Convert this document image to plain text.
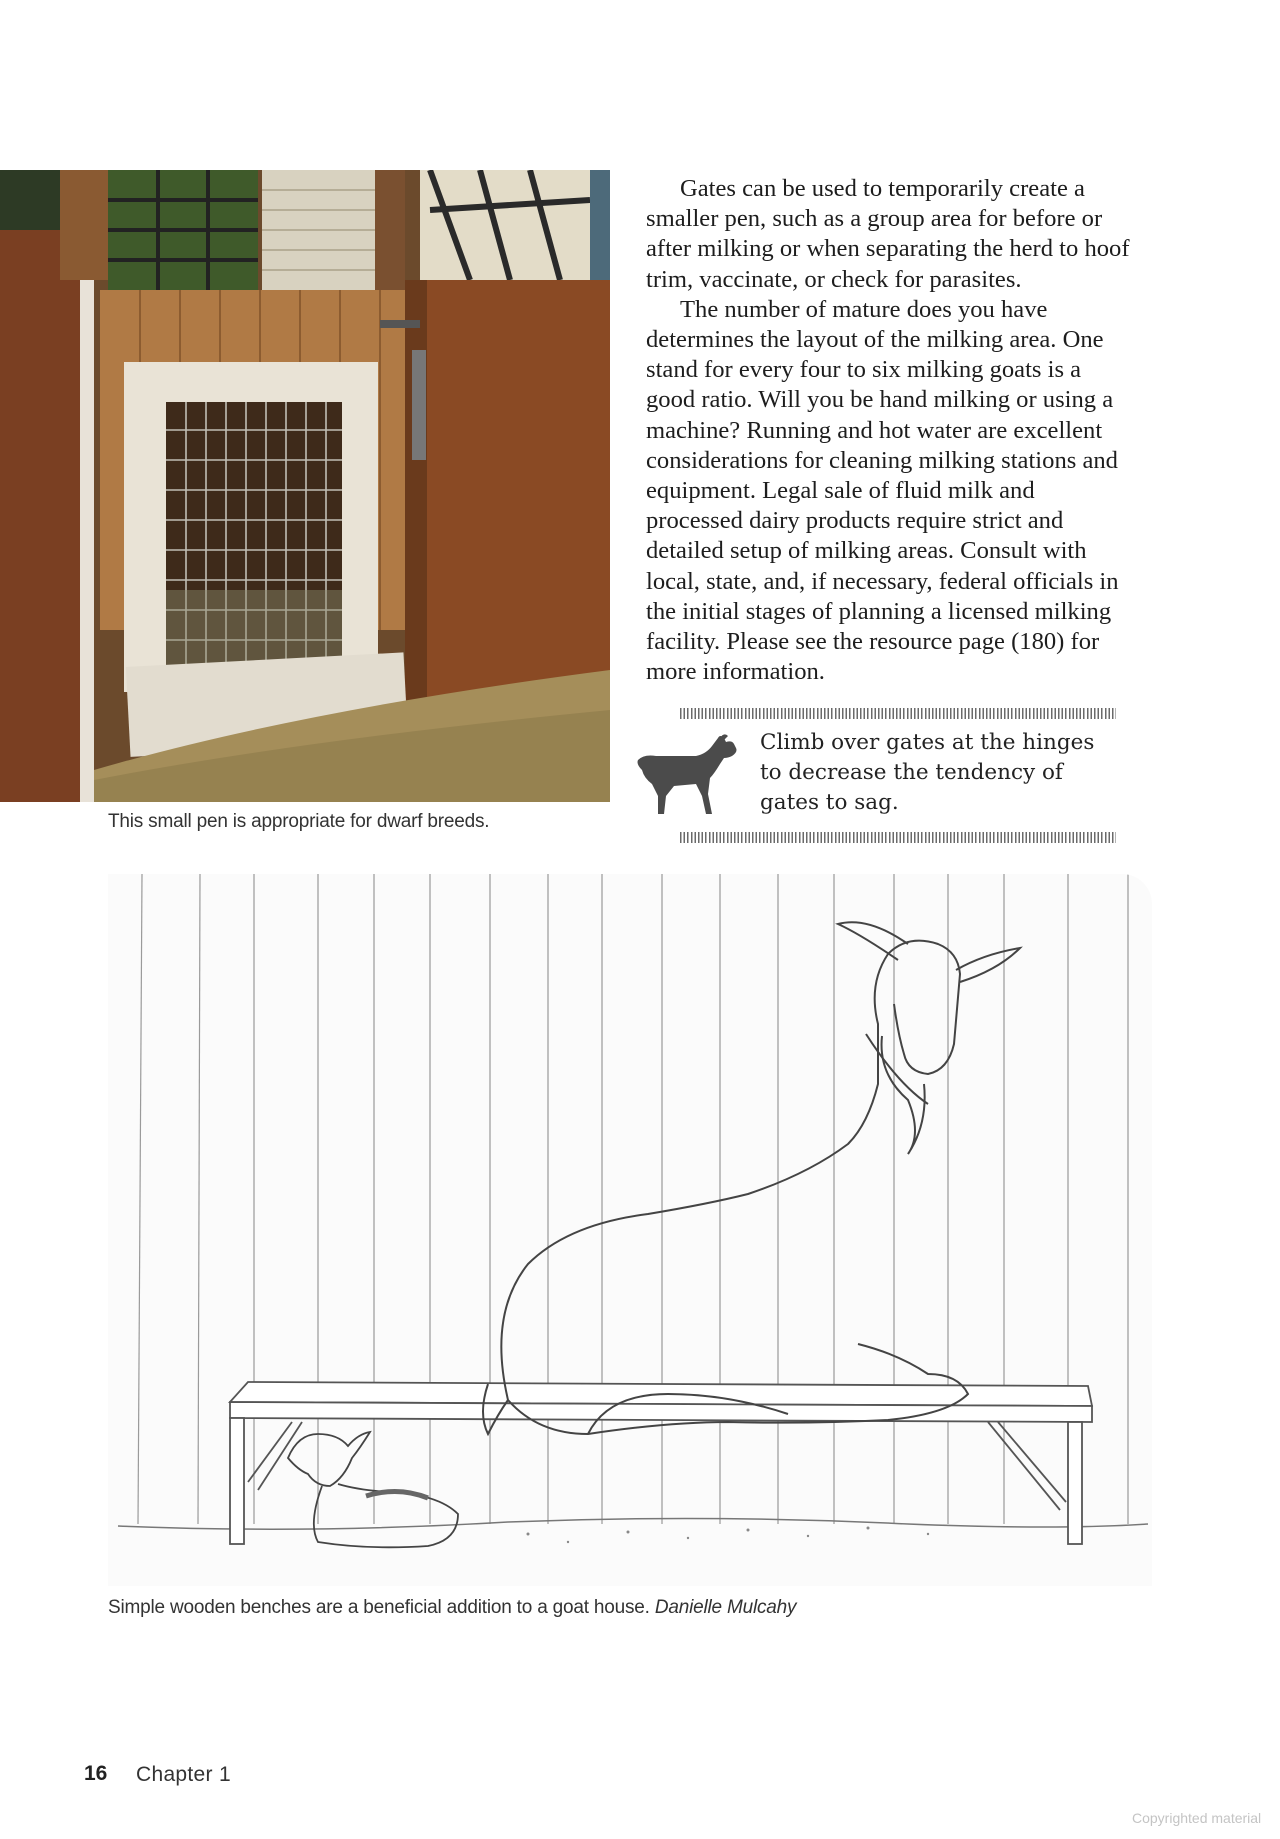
This small pen is appropriate for dwarf breeds.

Gates can be used to temporarily create a smaller pen, such as a group area for before or after milking or when separating the herd to hoof trim, vaccinate, or check for parasites.

The number of mature does you have determines the layout of the milking area. One stand for every four to six milking goats is a good ratio. Will you be hand milking or using a machine? Running and hot water are excellent considerations for cleaning milking stations and equipment. Legal sale of fluid milk and processed dairy products require strict and detailed setup of milking areas. Consult with local, state, and, if necessary, federal officials in the initial stages of planning a licensed milking facility. Please see the resource page (180) for more information.

Climb over gates at the hinges to decrease the tendency of gates to sag.
Simple wooden benches are a beneficial addition to a goat house. Danielle Mulcahy
16 Chapter 1
Copyrighted material
